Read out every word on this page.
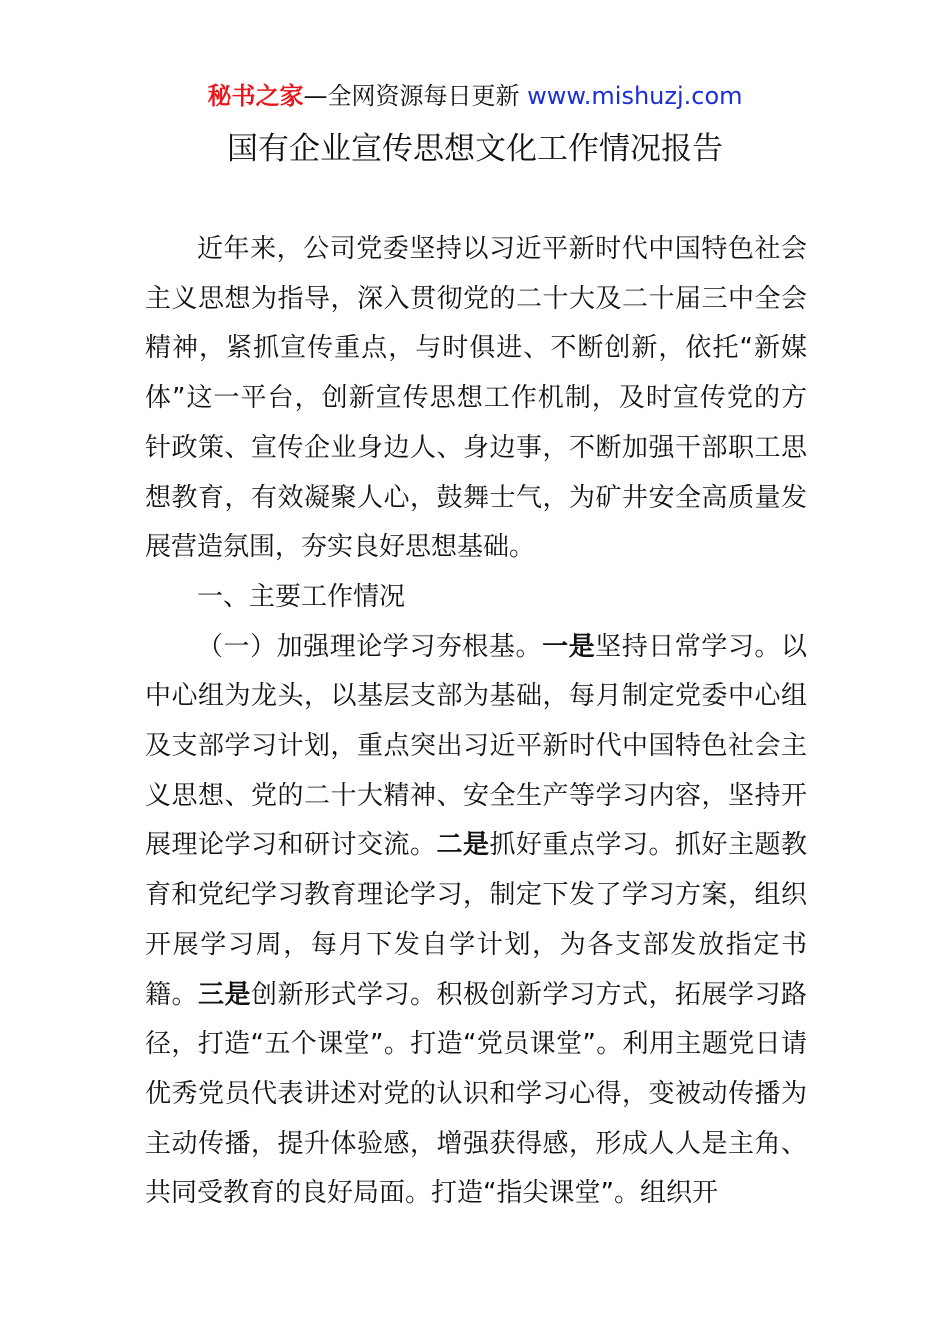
秘书之家—全网资源每日更新 www.mishuzj.com
国有企业宣传思想文化工作情况报告

近年来，公司党委坚持以习近平新时代中国特色社会主义思想为指导，深入贯彻党的二十大及二十届三中全会精神，紧抓宣传重点，与时俱进、不断创新，依托“新媒体”这一平台，创新宣传思想工作机制，及时宣传党的方针政策、宣传企业身边人、身边事，不断加强干部职工思想教育，有效凝聚人心，鼓舞士气，为矿井安全高质量发展营造氛围，夯实良好思想基础。

一、主要工作情况

（一）加强理论学习夯根基。一是坚持日常学习。以中心组为龙头，以基层支部为基础，每月制定党委中心组及支部学习计划，重点突出习近平新时代中国特色社会主义思想、党的二十大精神、安全生产等学习内容，坚持开展理论学习和研讨交流。二是抓好重点学习。抓好主题教育和党纪学习教育理论学习，制定下发了学习方案，组织开展学习周，每月下发自学计划，为各支部发放指定书籍。三是创新形式学习。积极创新学习方式，拓展学习路径，打造“五个课堂”。打造“党员课堂”。利用主题党日请优秀党员代表讲述对党的认识和学习心得，变被动传播为主动传播，提升体验感，增强获得感，形成人人是主角、共同受教育的良好局面。打造“指尖课堂”。组织开
